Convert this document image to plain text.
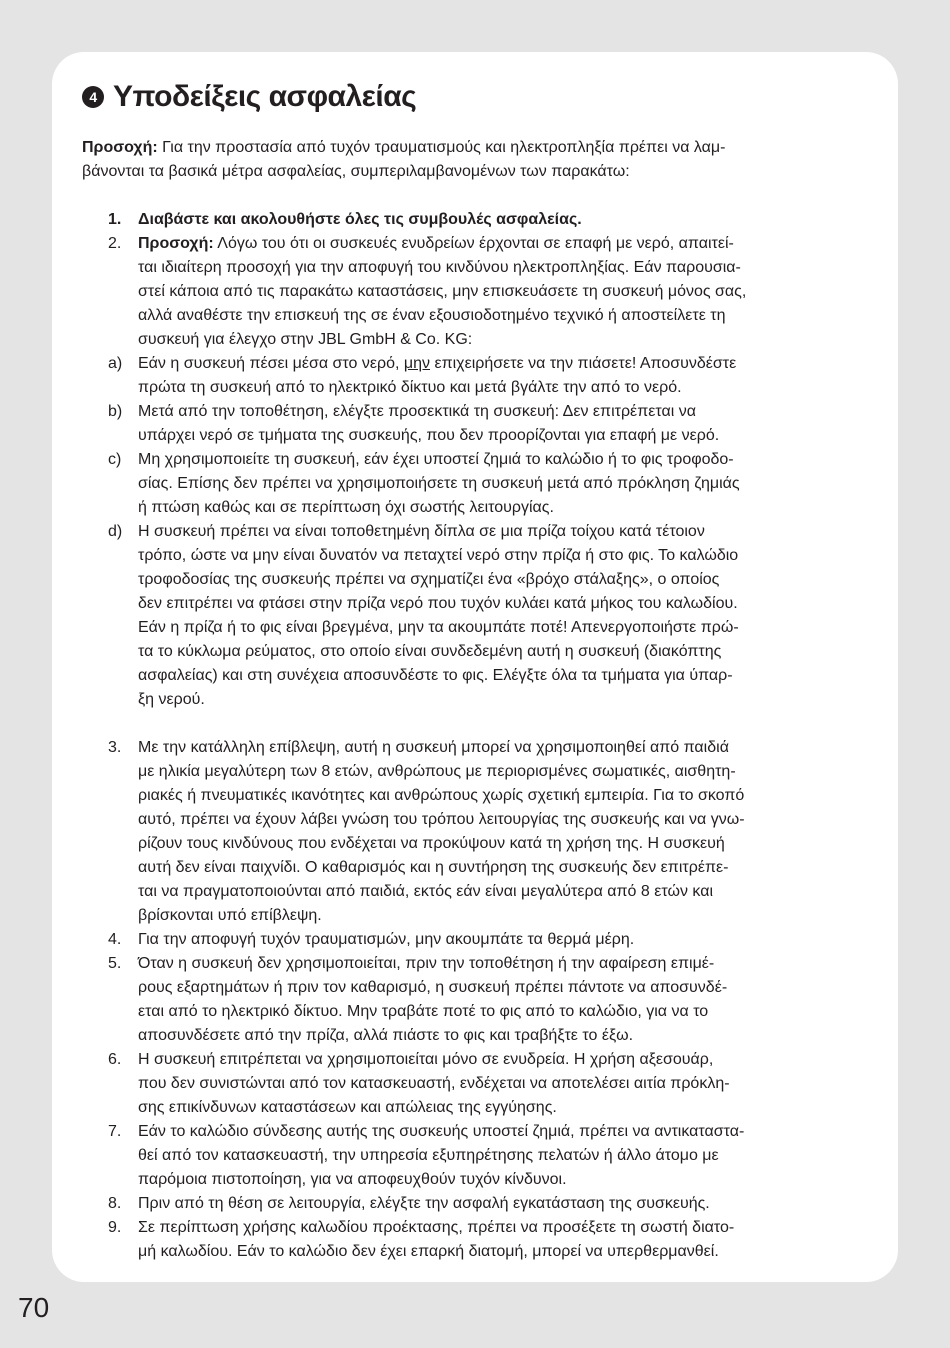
4 Υποδείξεις ασφαλείας
Προσοχή: Για την προστασία από τυχόν τραυματισμούς και ηλεκτροπληξία πρέπει να λαμ-
βάνονται τα βασικά μέτρα ασφαλείας, συμπεριλαμβανομένων των παρακάτω:
1. Διαβάστε και ακολουθήστε όλες τις συμβουλές ασφαλείας.
2. Προσοχή: Λόγω του ότι οι συσκευές ενυδρείων έρχονται σε επαφή με νερό, απαιτεί-
ται ιδιαίτερη προσοχή για την αποφυγή του κινδύνου ηλεκτροπληξίας. Εάν παρουσια-
στεί κάποια από τις παρακάτω καταστάσεις, μην επισκευάσετε τη συσκευή μόνος σας,
αλλά αναθέστε την επισκευή της σε έναν εξουσιοδοτημένο τεχνικό ή αποστείλετε τη
συσκευή για έλεγχο στην JBL GmbH & Co. KG:
a) Εάν η συσκευή πέσει μέσα στο νερό, μην επιχειρήσετε να την πιάσετε! Αποσυνδέστε
πρώτα τη συσκευή από το ηλεκτρικό δίκτυο και μετά βγάλτε την από το νερό.
b) Μετά από την τοποθέτηση, ελέγξτε προσεκτικά τη συσκευή: Δεν επιτρέπεται να
υπάρχει νερό σε τμήματα της συσκευής, που δεν προορίζονται για επαφή με νερό.
c) Μη χρησιμοποιείτε τη συσκευή, εάν έχει υποστεί ζημιά το καλώδιο ή το φις τροφοδο-
σίας. Επίσης δεν πρέπει να χρησιμοποιήσετε τη συσκευή μετά από πρόκληση ζημιάς
ή πτώση καθώς και σε περίπτωση όχι σωστής λειτουργίας.
d) Η συσκευή πρέπει να είναι τοποθετημένη δίπλα σε μια πρίζα τοίχου κατά τέτοιον
τρόπο, ώστε να μην είναι δυνατόν να πεταχτεί νερό στην πρίζα ή στο φις. Το καλώδιο
τροφοδοσίας της συσκευής πρέπει να σχηματίζει ένα «βρόχο στάλαξης», ο οποίος
δεν επιτρέπει να φτάσει στην πρίζα νερό που τυχόν κυλάει κατά μήκος του καλωδίου.
Εάν η πρίζα ή το φις είναι βρεγμένα, μην τα ακουμπάτε ποτέ! Απενεργοποιήστε πρώ-
τα το κύκλωμα ρεύματος, στο οποίο είναι συνδεδεμένη αυτή η συσκευή (διακόπτης
ασφαλείας) και στη συνέχεια αποσυνδέστε το φις. Ελέγξτε όλα τα τμήματα για ύπαρ-
ξη νερού.
3. Με την κατάλληλη επίβλεψη, αυτή η συσκευή μπορεί να χρησιμοποιηθεί από παιδιά
με ηλικία μεγαλύτερη των 8 ετών, ανθρώπους με περιορισμένες σωματικές, αισθητη-
ριακές ή πνευματικές ικανότητες και ανθρώπους χωρίς σχετική εμπειρία. Για το σκοπό
αυτό, πρέπει να έχουν λάβει γνώση του τρόπου λειτουργίας της συσκευής και να γνω-
ρίζουν τους κινδύνους που ενδέχεται να προκύψουν κατά τη χρήση της. Η συσκευή
αυτή δεν είναι παιχνίδι. Ο καθαρισμός και η συντήρηση της συσκευής δεν επιτρέπε-
ται να πραγματοποιούνται από παιδιά, εκτός εάν είναι μεγαλύτερα από 8 ετών και
βρίσκονται υπό επίβλεψη.
4. Για την αποφυγή τυχόν τραυματισμών, μην ακουμπάτε τα θερμά μέρη.
5. Όταν η συσκευή δεν χρησιμοποιείται, πριν την τοποθέτηση ή την αφαίρεση επιμέ-
ρους εξαρτημάτων ή πριν τον καθαρισμό, η συσκευή πρέπει πάντοτε να αποσυνδέ-
εται από το ηλεκτρικό δίκτυο. Μην τραβάτε ποτέ το φις από το καλώδιο, για να το
αποσυνδέσετε από την πρίζα, αλλά πιάστε το φις και τραβήξτε το έξω.
6. Η συσκευή επιτρέπεται να χρησιμοποιείται μόνο σε ενυδρεία. Η χρήση αξεσουάρ,
που δεν συνιστώνται από τον κατασκευαστή, ενδέχεται να αποτελέσει αιτία πρόκλη-
σης επικίνδυνων καταστάσεων και απώλειας της εγγύησης.
7. Εάν το καλώδιο σύνδεσης αυτής της συσκευής υποστεί ζημιά, πρέπει να αντικαταστα-
θεί από τον κατασκευαστή, την υπηρεσία εξυπηρέτησης πελατών ή άλλο άτομο με
παρόμοια πιστοποίηση, για να αποφευχθούν τυχόν κίνδυνοι.
8. Πριν από τη θέση σε λειτουργία, ελέγξτε την ασφαλή εγκατάσταση της συσκευής.
9. Σε περίπτωση χρήσης καλωδίου προέκτασης, πρέπει να προσέξετε τη σωστή διατο-
μή καλωδίου. Εάν το καλώδιο δεν έχει επαρκή διατομή, μπορεί να υπερθερμανθεί.
70
